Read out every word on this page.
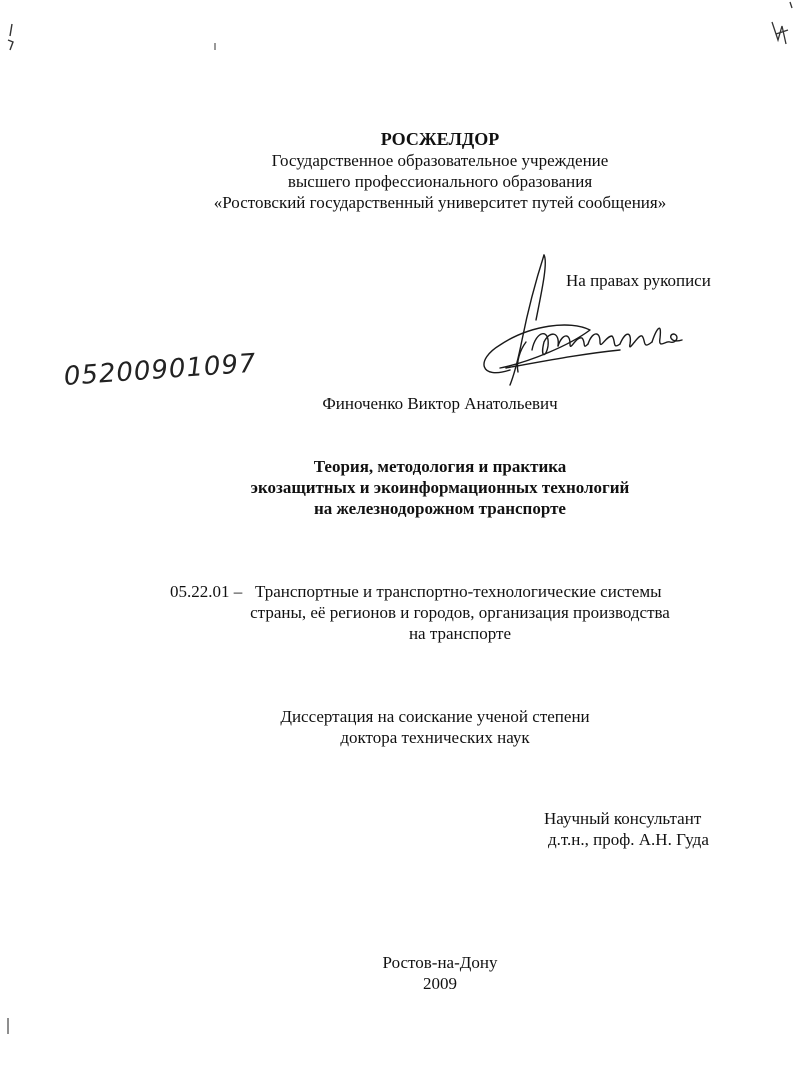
РОСЖЕЛДОР
Государственное образовательное учреждение
высшего профессионального образования
«Ростовский государственный университет путей сообщения»
На правах рукописи
05200901097
Финоченко Виктор Анатольевич
Теория, методология и практика
экозащитных и экоинформационных технологий
на железнодорожном транспорте
05.22.01 – Транспортные и транспортно-технологические системы
страны, её регионов и городов, организация производства
на транспорте
Диссертация на соискание ученой степени
доктора технических наук
Научный консультант
д.т.н., проф. А.Н. Гуда
Ростов-на-Дону
2009
